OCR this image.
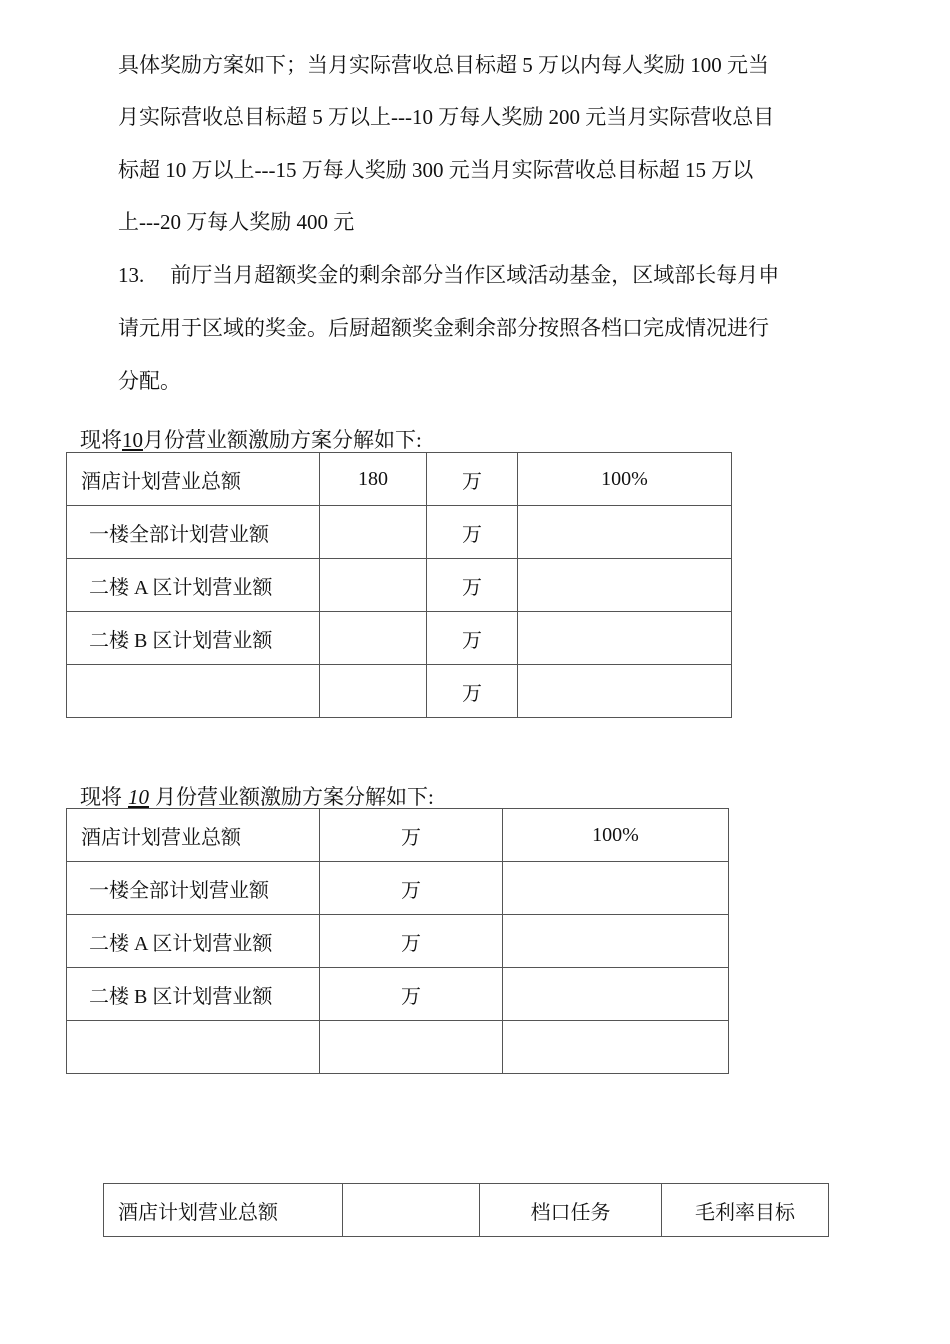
具体奖励方案如下；当月实际营收总目标超 5 万以内每人奖励 100 元当
月实际营收总目标超 5 万以上---10 万每人奖励 200 元当月实际营收总目
标超 10 万以上---15 万每人奖励 300 元当月实际营收总目标超 15 万以
上---20 万每人奖励 400 元
13. 前厅当月超额奖金的剩余部分当作区域活动基金，区域部长每月申
请元用于区域的奖金。后厨超额奖金剩余部分按照各档口完成情况进行
分配。
现将10月份营业额激励方案分解如下:
酒店计划营业总额	180	万	100%
一楼全部计划营业额		万	
二楼 A 区计划营业额		万	
二楼 B 区计划营业额		万	
		万	
现将 10 月份营业额激励方案分解如下:
酒店计划营业总额	万	100%
一楼全部计划营业额	万	
二楼 A 区计划营业额	万	
二楼 B 区计划营业额	万	

酒店计划营业总额		档口任务	毛利率目标
